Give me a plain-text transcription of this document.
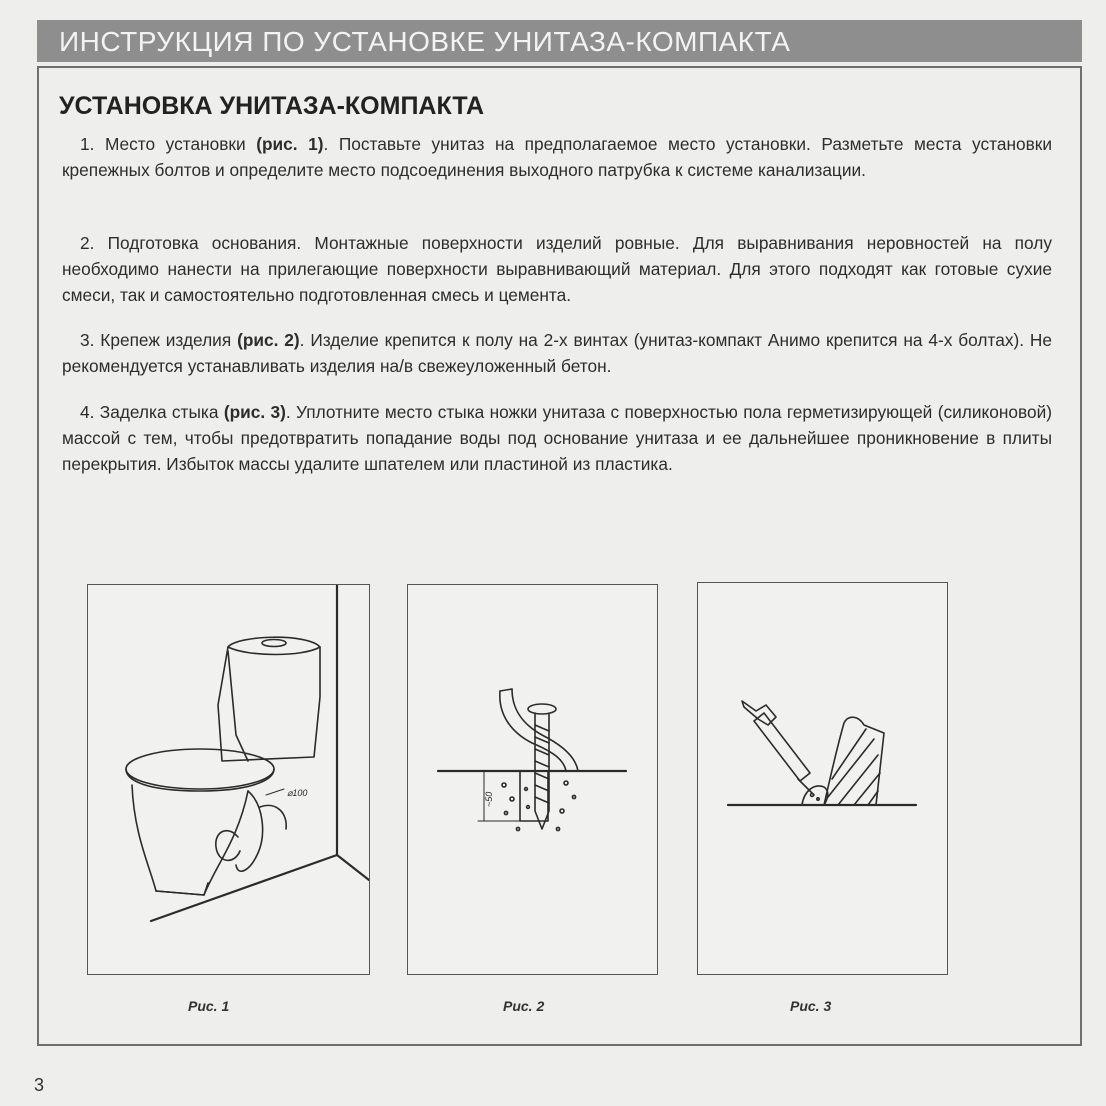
ИНСТРУКЦИЯ ПО УСТАНОВКЕ УНИТАЗА-КОМПАКТА
УСТАНОВКА УНИТАЗА-КОМПАКТА
1. Место установки (рис. 1). Поставьте унитаз на предполагаемое место установки. Разметьте места установки крепежных болтов и определите место подсоединения выходного патрубка к системе канализации.
2. Подготовка основания. Монтажные поверхности изделий ровные. Для выравнивания неровностей на полу необходимо нанести на прилегающие поверхности выравнивающий материал. Для этого подходят как готовые сухие смеси, так и самостоятельно подготовленная смесь и цемента.
3. Крепеж изделия (рис. 2). Изделие крепится к полу на 2-х винтах (унитаз-компакт Анимо крепится на 4-х болтах). Не рекомендуется устанавливать изделия на/в свежеуложенный бетон.
4. Заделка стыка (рис. 3). Уплотните место стыка ножки унитаза с поверхностью пола герметизирующей (силиконовой) массой с тем, чтобы предотвратить попадание воды под основание унитаза и ее дальнейшее проникновение в плиты перекрытия. Избыток массы удалите шпателем или пластиной из пластика.
⌀100	~50
Рис. 1	Рис. 2	Рис. 3
3
